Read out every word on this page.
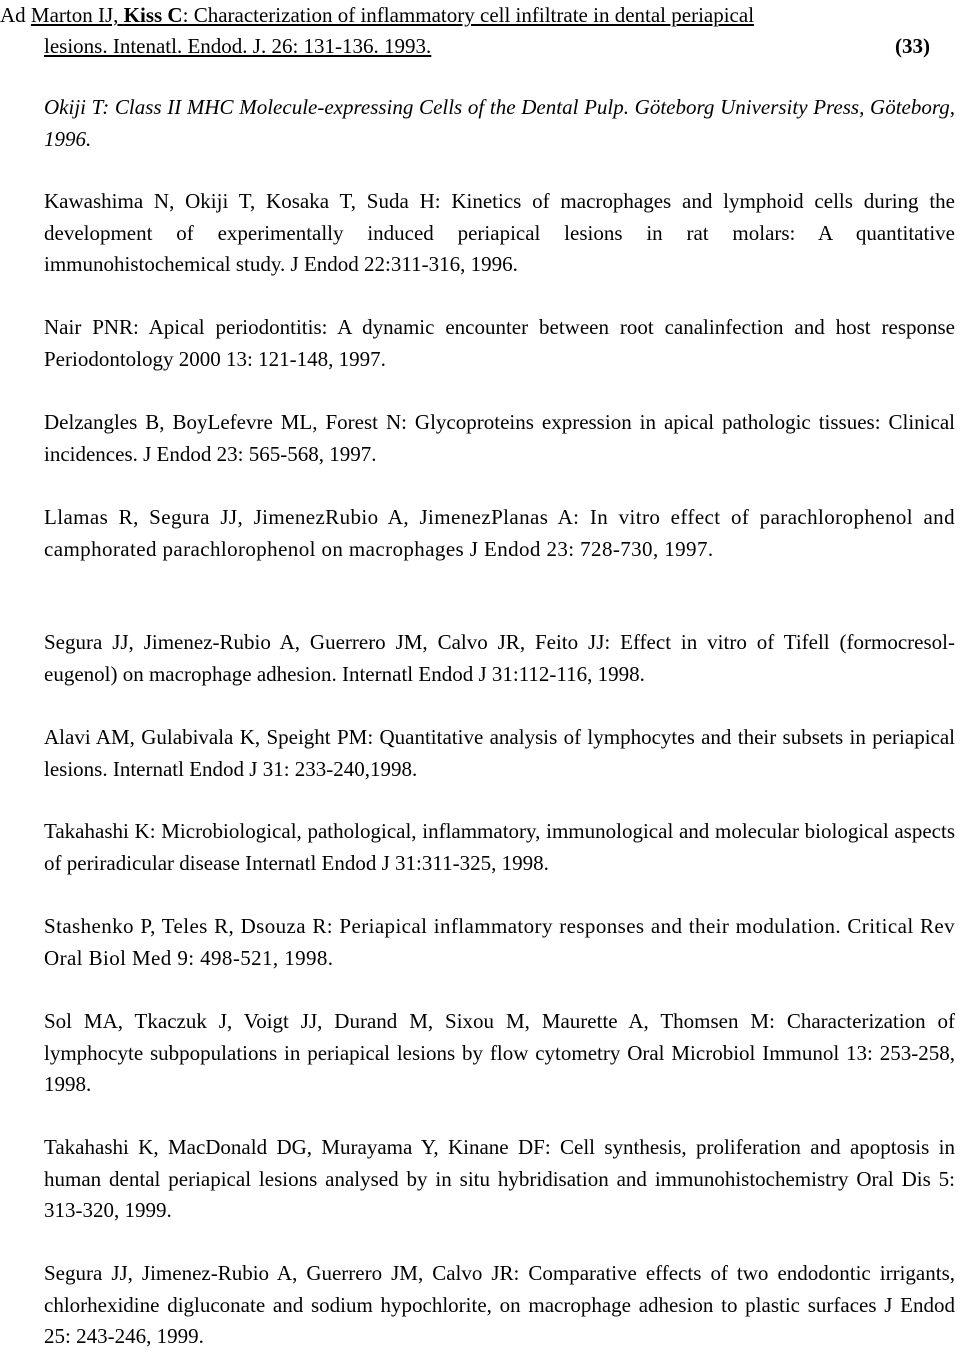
Ad Marton IJ, Kiss C: Characterization of inflammatory cell infiltrate in dental periapical
lesions. Intenatl. Endod. J. 26: 131-136. 1993.	(33)

Okiji T: Class II MHC Molecule-expressing Cells of the Dental Pulp. Göteborg University Press, Göteborg, 1996.

Kawashima N, Okiji T, Kosaka T, Suda H: Kinetics of macrophages and lymphoid cells during the development of experimentally induced periapical lesions in rat molars: A quantitative immunohistochemical study. J Endod 22:311-316, 1996.

Nair PNR: Apical periodontitis: A dynamic encounter between root canalinfection and host response Periodontology 2000 13: 121-148, 1997.

Delzangles B, BoyLefevre ML, Forest N: Glycoproteins expression in apical pathologic tissues: Clinical incidences. J Endod 23: 565-568, 1997.

Llamas R, Segura JJ, JimenezRubio A, JimenezPlanas A: In vitro effect of parachlorophenol and camphorated parachlorophenol on macrophages J Endod 23: 728-730, 1997.

Segura JJ, Jimenez-Rubio A, Guerrero JM, Calvo JR, Feito JJ: Effect in vitro of Tifell (formocresol-eugenol) on macrophage adhesion. Internatl Endod J 31:112-116, 1998.

Alavi AM, Gulabivala K, Speight PM: Quantitative analysis of lymphocytes and their subsets in periapical lesions. Internatl Endod J 31: 233-240,1998.

Takahashi K: Microbiological, pathological, inflammatory, immunological and molecular biological aspects of periradicular disease Internatl Endod J 31:311-325, 1998.

Stashenko P, Teles R, Dsouza R: Periapical inflammatory responses and their modulation. Critical Rev Oral Biol Med 9: 498-521, 1998.

Sol MA, Tkaczuk J, Voigt JJ, Durand M, Sixou M, Maurette A, Thomsen M: Characterization of lymphocyte subpopulations in periapical lesions by flow cytometry Oral Microbiol Immunol 13: 253-258, 1998.

Takahashi K, MacDonald DG, Murayama Y, Kinane DF: Cell synthesis, proliferation and apoptosis in human dental periapical lesions analysed by in situ hybridisation and immunohistochemistry Oral Dis 5: 313-320, 1999.

Segura JJ, Jimenez-Rubio A, Guerrero JM, Calvo JR: Comparative effects of two endodontic irrigants, chlorhexidine digluconate and sodium hypochlorite, on macrophage adhesion to plastic surfaces J Endod 25: 243-246, 1999.
